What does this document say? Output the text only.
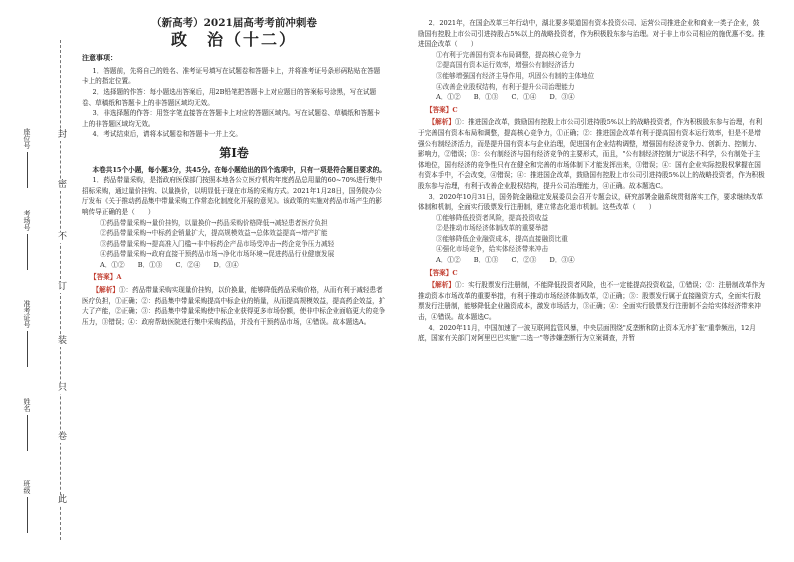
封
密
不
订
装
只
卷
此
座位号
考场号
准考证号
姓名
班级
（新高考）2021届高考考前冲刺卷
政　治（十二）
注意事项：

1．答题前，先将自己的姓名、准考证号填写在试题卷和答题卡上，并将准考证号条形码粘贴在答题卡上的指定位置。

2．选择题的作答：每小题选出答案后，用2B铅笔把答题卡上对应题目的答案标号涂黑，写在试题卷、草稿纸和答题卡上的非答题区域均无效。

3．非选择题的作答：用签字笔直接答在答题卡上对应的答题区域内。写在试题卷、草稿纸和答题卡上的非答题区域均无效。

4．考试结束后，请将本试题卷和答题卡一并上交。

第Ⅰ卷

本卷共15个小题，每小题3分，共45分。在每小题给出的四个选项中，只有一项是符合题目要求的。

1．药品带量采购，是指政府医保部门按照本地各公立医疗机构年度药品总用量的60~70%进行集中招标采购，通过量价挂钩、以量换价，以明显低于现在市场的采购方式。2021年1月28日，国务院办公厅发布《关于推动药品集中带量采购工作常态化制度化开展的意见》。该政策的实施对药品市场产生的影响传导正确的是（　　）

①药品带量采购→量价挂钩，以量换价→药品采购价格降低→减轻患者医疗负担

②药品带量采购→中标药企销量扩大，提高规模效益→总体效益提高→增产扩能

③药品带量采购→提高准入门槛→非中标药企产品市场受冲击→药企竞争压力减轻

④药品带量采购→政府直接干预药品市场→净化市场环境→促进药品行业健康发展

A．①②　　B．①③　　C．②④　　D．③④

【答案】A

【解析】①：药品带量采购实现量价挂钩，以价换量，能够降低药品采购价格，从而有利于减轻患者医疗负担，①正确；②：药品集中带量采购提高中标企业的销量，从而提高规模效益，提高药企效益，扩大了产能，②正确；③：药品集中带量采购使中标企业获得更多市场份额，使非中标企业面临更大的竞争压力，③错误；④：政府帮助医院进行集中采购药品，并没有干预药品市场，④错误。故本题选A。

2．2021年，在国企改革三年行动中，湖北要多渠道国有资本投资公司、运营公司推进企业和商业一类子企业，鼓励国有控股上市公司引进持股占5%以上的战略投资者，作为积极股东参与治理。对于非上市公司相应的施优惠不变。推进国企改革（　　）

①有利于完善国有资本布局调整，提高核心竞争力

②提高国有资本运行效率，增强公有制经济活力

③能够增强国有经济主导作用，巩固公有制的主体地位

④改善企业股权结构，有利于提升公司治理能力

A．①②　　B．①③　　C．①④　　D．③④

【答案】C

【解析】①：推进国企改革，鼓励国有控股上市公司引进持股5%以上的战略投资者，作为积极股东参与治理，有利于完善国有资本布局和调整，提高核心竞争力，①正确；②：推进国企改革有利于提高国有资本运行效率，但是不是增强公有制经济活力，而是提升国有资本与企业治理，促进国有企业结构调整，增强国有经济竞争力、创新力、控制力、影响力，②错误；③：公有制经济与国有经济竞争的主要形式，而且，"公有制经济控制力"说法不科学，公有制处于主体地位，国有经济的竞争性只有在健全和完善的市场体制下才能发挥出来，③错误；④：国有企业实际控股权掌握在国有资本手中，不会改变，④错误；④：推进国企改革，鼓励国有控股上市公司引进持股5%以上的战略投资者，作为积极股东参与治理，有利于改善企业股权结构，提升公司治理能力，④正确。故本题选C。

3．2020年10月31日，国务院金融稳定发展委员会召开专题会议，研究部署金融系统贯彻落实工作，要求继续改革体制和机制，全面实行股票发行注册制，建立常态化退市机制。这些改革（　　）

①能够降低投资者风险，提高投资收益

②是推动市场经济体制改革的重要举措

③能够降低企业融资成本，提高直接融资比重

④强化市场竞争，给实体经济带来冲击

A．①②　　B．①③　　C．②③　　D．③④

【答案】C

【解析】①：实行股票发行注册制，不能降低投资者风险，也不一定能提高投资收益，①错误；②：注册制改革作为推动资本市场改革的重要举措，有利于推动市场经济体制改革，②正确；③：股票发行属于直接融资方式，全面实行股票发行注册制，能够降低企业融资成本，激发市场活力，③正确；④：全面实行股票发行注册制不会给实体经济带来冲击，④错误。故本题选C。

4．2020年11月，中国加速了一波互联网监管风暴，中央层面围绕"反垄断和防止资本无序扩张"重拳频出，12月底，国家有关部门对阿里巴巴实施"二选一"等涉嫌垄断行为立案调查，并暂
